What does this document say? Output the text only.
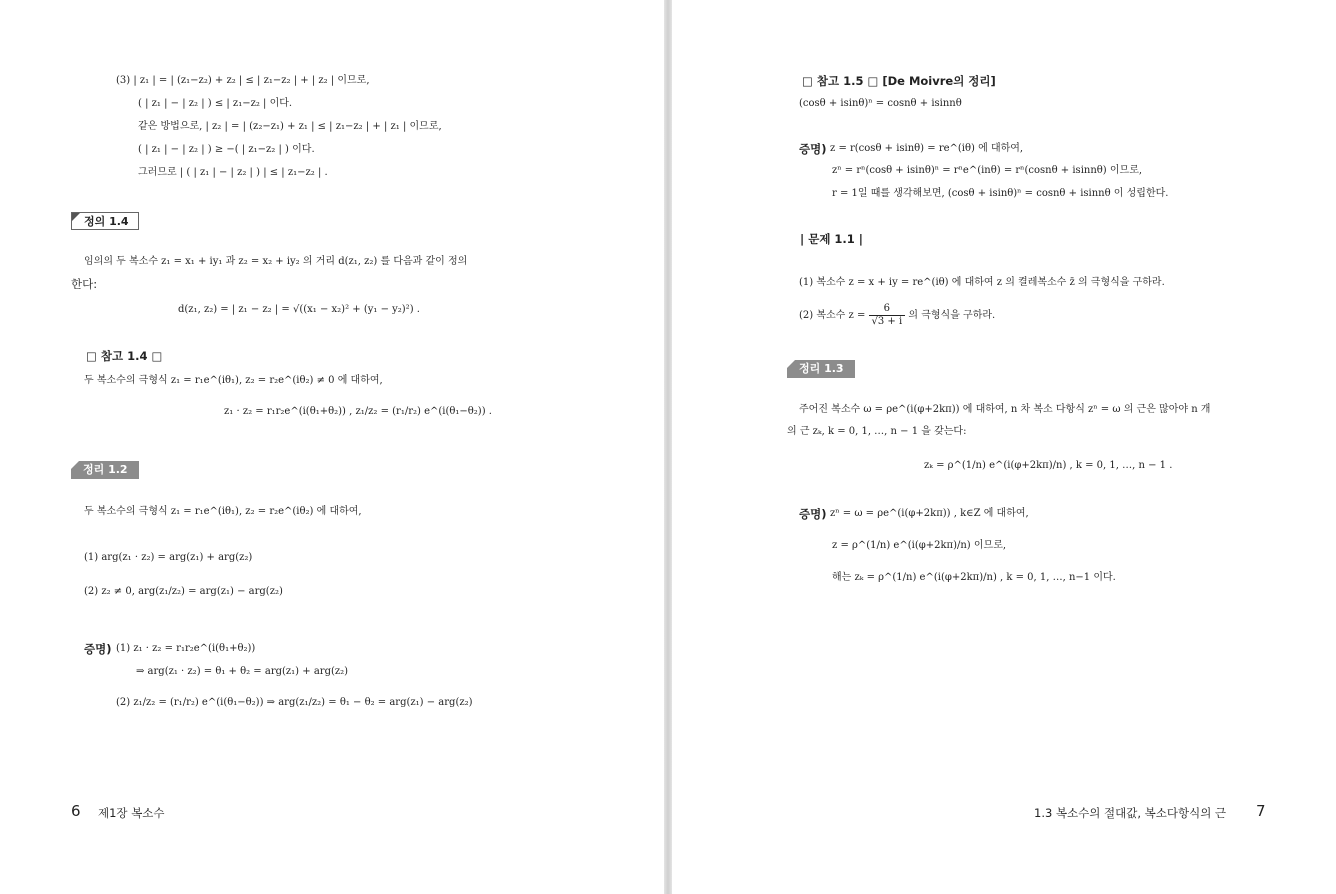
(3) | z₁ | = | (z₁−z₂) + z₂ | ≤ | z₁−z₂ | + | z₂ | 이므로,
( | z₁ | − | z₂ | ) ≤ | z₁−z₂ | 이다.
같은 방법으로, | z₂ | = | (z₂−z₁) + z₁ | ≤ | z₁−z₂ | + | z₁ | 이므로,
( | z₁ | − | z₂ | ) ≥ −( | z₁−z₂ | ) 이다.
그러므로 | ( | z₁ | − | z₂ | ) | ≤ | z₁−z₂ | .
정의 1.4
임의의 두 복소수 z₁ = x₁ + iy₁ 과 z₂ = x₂ + iy₂ 의 거리 d(z₁, z₂) 를 다음과 같이 정의
한다:
d(z₁, z₂) = | z₁ − z₂ | = √((x₁ − x₂)² + (y₁ − y₂)²) .
□ 참고 1.4 □
두 복소수의 극형식 z₁ = r₁e^(iθ₁), z₂ = r₂e^(iθ₂) ≠ 0 에 대하여,
z₁ · z₂ = r₁r₂e^(i(θ₁+θ₂)) , z₁/z₂ = (r₁/r₂) e^(i(θ₁−θ₂)) .
정리 1.2
두 복소수의 극형식 z₁ = r₁e^(iθ₁), z₂ = r₂e^(iθ₂) 에 대하여,
(1) arg(z₁ · z₂) = arg(z₁) + arg(z₂)
(2) z₂ ≠ 0, arg(z₁/z₂) = arg(z₁) − arg(z₂)
증명) (1) z₁ · z₂ = r₁r₂e^(i(θ₁+θ₂))
⇒ arg(z₁ · z₂) = θ₁ + θ₂ = arg(z₁) + arg(z₂)
(2) z₁/z₂ = (r₁/r₂) e^(i(θ₁−θ₂)) ⇒ arg(z₁/z₂) = θ₁ − θ₂ = arg(z₁) − arg(z₂)
6 제1장 복소수
□ 참고 1.5 □ [De Moivre의 정리]
(cosθ + isinθ)ⁿ = cosnθ + isinnθ
증명) z = r(cosθ + isinθ) = re^(iθ) 에 대하여,
zⁿ = rⁿ(cosθ + isinθ)ⁿ = rⁿe^(inθ) = rⁿ(cosnθ + isinnθ) 이므로,
r = 1일 때를 생각해보면, (cosθ + isinθ)ⁿ = cosnθ + isinnθ 이 성립한다.
| 문제 1.1 |
(1) 복소수 z = x + iy = re^(iθ) 에 대하여 z 의 켤레복소수 z̄ 의 극형식을 구하라.
(2) 복소수 $z = \frac{6}{√3 + i}$ 의 극형식을 구하라.
정리 1.3
주어진 복소수 ω = ρe^(i(φ+2kπ)) 에 대하여, n 차 복소 다항식 zⁿ = ω 의 근은 많아야 n 개
의 근 zₖ, k = 0, 1, …, n − 1 을 갖는다:
zₖ = ρ^(1/n) e^(i(φ+2kπ)/n) , k = 0, 1, …, n − 1 .
증명) zⁿ = ω = ρe^(i(φ+2kπ)) , k∈Z 에 대하여,
z = ρ^(1/n) e^(i(φ+2kπ)/n) 이므로,
해는 zₖ = ρ^(1/n) e^(i(φ+2kπ)/n) , k = 0, 1, …, n−1 이다.
1.3 복소수의 절대값, 복소다항식의 근 7
